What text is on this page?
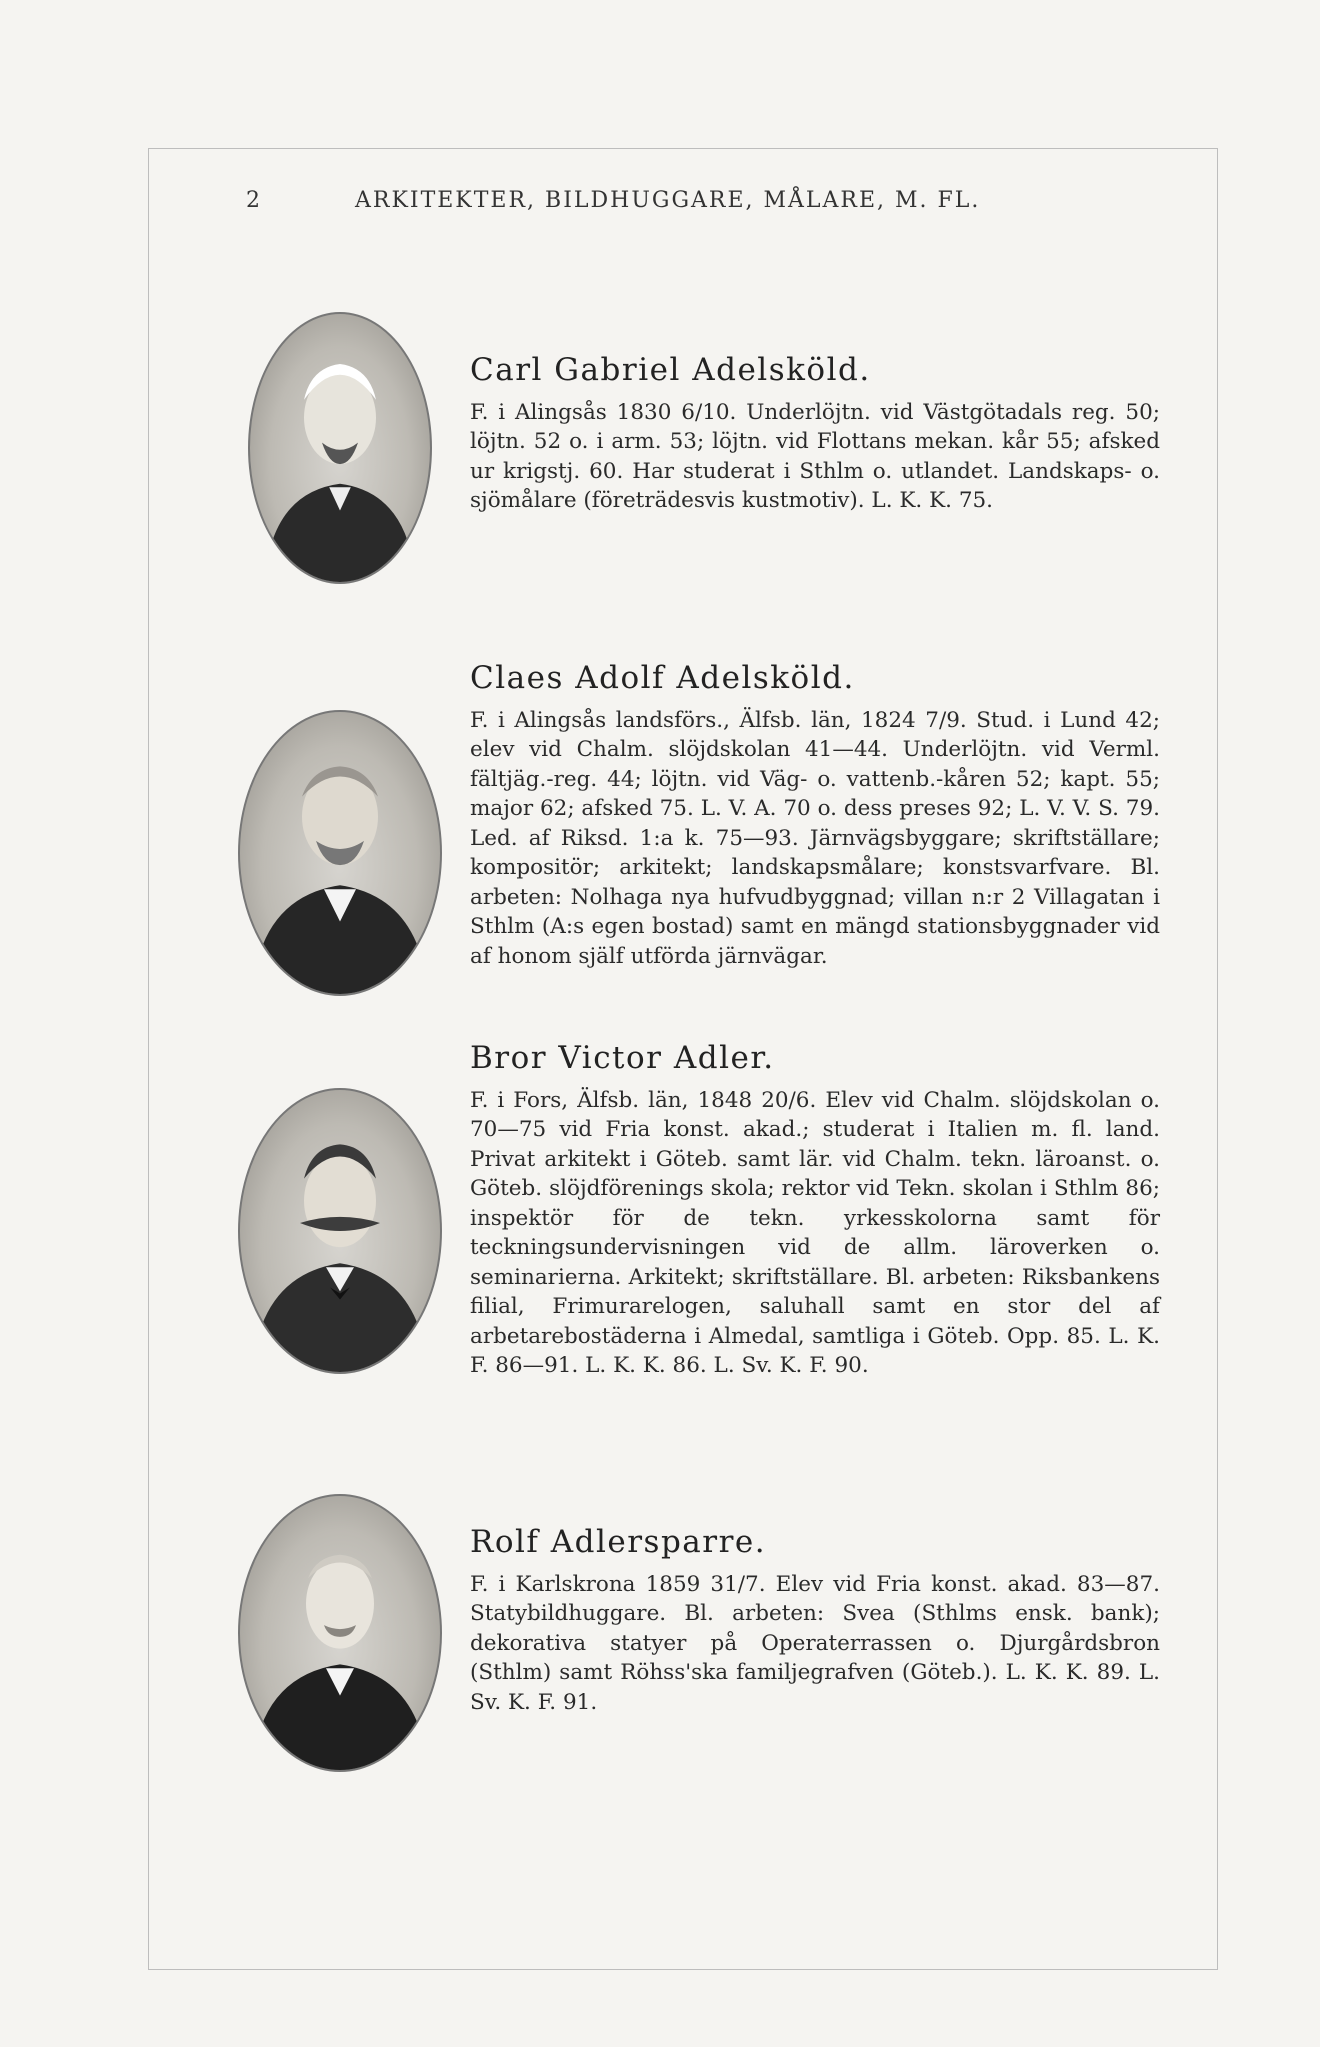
2	ARKITEKTER, BILDHUGGARE, MÅLARE, M. FL.
Carl Gabriel Adelsköld.

F. i Alingsås 1830 6/10. Underlöjtn. vid Västgötadals reg. 50; löjtn. 52 o. i arm. 53; löjtn. vid Flottans mekan. kår 55; afsked ur krigstj. 60. Har studerat i Sthlm o. utlandet. Landskaps- o. sjömålare (företrädesvis kustmotiv). L. K. K. 75.

Claes Adolf Adelsköld.

F. i Alingsås landsförs., Älfsb. län, 1824 7/9. Stud. i Lund 42; elev vid Chalm. slöjdskolan 41—44. Underlöjtn. vid Verml. fältjäg.-reg. 44; löjtn. vid Väg- o. vattenb.-kåren 52; kapt. 55; major 62; afsked 75. L. V. A. 70 o. dess preses 92; L. V. V. S. 79. Led. af Riksd. 1:a k. 75—93. Järnvägsbyggare; skriftställare; kompositör; arkitekt; landskapsmålare; konstsvarfvare. Bl. arbeten: Nolhaga nya hufvudbyggnad; villan n:r 2 Villagatan i Sthlm (A:s egen bostad) samt en mängd stationsbyggnader vid af honom själf utförda järnvägar.

Bror Victor Adler.

F. i Fors, Älfsb. län, 1848 20/6. Elev vid Chalm. slöjdskolan o. 70—75 vid Fria konst. akad.; studerat i Italien m. fl. land. Privat arkitekt i Göteb. samt lär. vid Chalm. tekn. läroanst. o. Göteb. slöjdförenings skola; rektor vid Tekn. skolan i Sthlm 86; inspektör för de tekn. yrkesskolorna samt för teckningsundervisningen vid de allm. läroverken o. seminarierna. Arkitekt; skriftställare. Bl. arbeten: Riksbankens filial, Frimurarelogen, saluhall samt en stor del af arbetarebostäderna i Almedal, samtliga i Göteb. Opp. 85. L. K. F. 86—91. L. K. K. 86. L. Sv. K. F. 90.

Rolf Adlersparre.

F. i Karlskrona 1859 31/7. Elev vid Fria konst. akad. 83—87. Statybildhuggare. Bl. arbeten: Svea (Sthlms ensk. bank); dekorativa statyer på Operaterrassen o. Djurgårdsbron (Sthlm) samt Röhss'ska familjegrafven (Göteb.). L. K. K. 89. L. Sv. K. F. 91.
